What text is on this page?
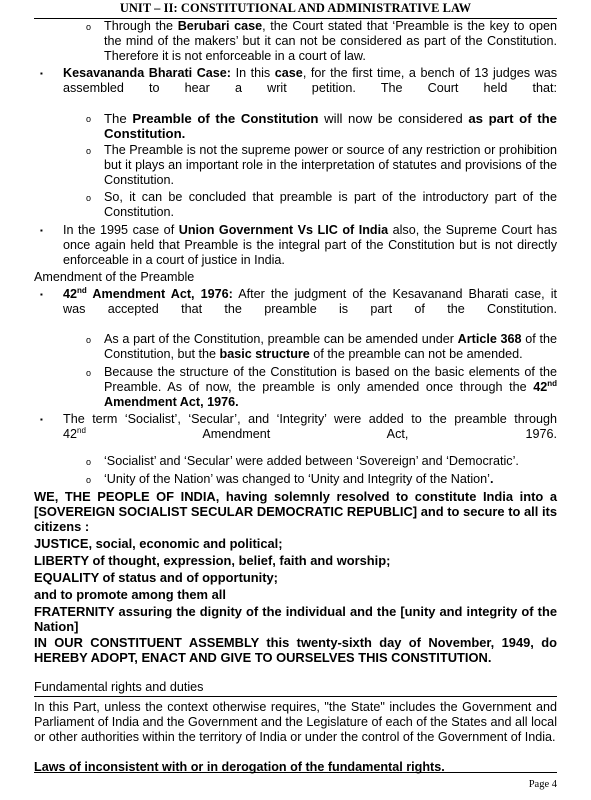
UNIT – II: CONSTITUTIONAL AND ADMINISTRATIVE LAW
o Through the Berubari case, the Court stated that ‘Preamble is the key to open the mind of the makers’ but it can not be considered as part of the Constitution. Therefore it is not enforceable in a court of law.
▪ Kesavananda Bharati Case: In this case, for the first time, a bench of 13 judges was

assembled to hear a writ petition. The Court held that:

o The Preamble of the Constitution will now be considered as part of the Constitution.
o The Preamble is not the supreme power or source of any restriction or prohibition but it plays an important role in the interpretation of statutes and provisions of the Constitution.
o So, it can be concluded that preamble is part of the introductory part of the Constitution.
▪ In the 1995 case of Union Government Vs LIC of India also, the Supreme Court has once again held that Preamble is the integral part of the Constitution but is not directly enforceable in a court of justice in India.

Amendment of the Preamble

▪ 42nd Amendment Act, 1976: After the judgment of the Kesavanand Bharati case, it

was accepted that the preamble is part of the Constitution.

o As a part of the Constitution, preamble can be amended under Article 368 of the Constitution, but the basic structure of the preamble can not be amended.
o Because the structure of the Constitution is based on the basic elements of the Preamble. As of now, the preamble is only amended once through the 42nd Amendment Act, 1976.
▪ The term ‘Socialist’, ‘Secular’, and ‘Integrity’ were added to the preamble through

42nd Amendment Act, 1976.

o ‘Socialist’ and ‘Secular’ were added between ‘Sovereign’ and ‘Democratic’.
o ‘Unity of the Nation’ was changed to ‘Unity and Integrity of the Nation’.

WE, THE PEOPLE OF INDIA, having solemnly resolved to constitute India into a [SOVEREIGN SOCIALIST SECULAR DEMOCRATIC REPUBLIC] and to secure to all its citizens :

JUSTICE, social, economic and political;

LIBERTY of thought, expression, belief, faith and worship;

EQUALITY of status and of opportunity;

and to promote among them all

FRATERNITY assuring the dignity of the individual and the [unity and integrity of the Nation]

IN OUR CONSTITUENT ASSEMBLY this twenty-sixth day of November, 1949, do HEREBY ADOPT, ENACT AND GIVE TO OURSELVES THIS CONSTITUTION.

Fundamental rights and duties

In this Part, unless the context otherwise requires, "the State" includes the Government and Parliament of India and the Government and the Legislature of each of the States and all local or other authorities within the territory of India or under the control of the Government of India.

Laws of inconsistent with or in derogation of the fundamental rights.

Page 4
